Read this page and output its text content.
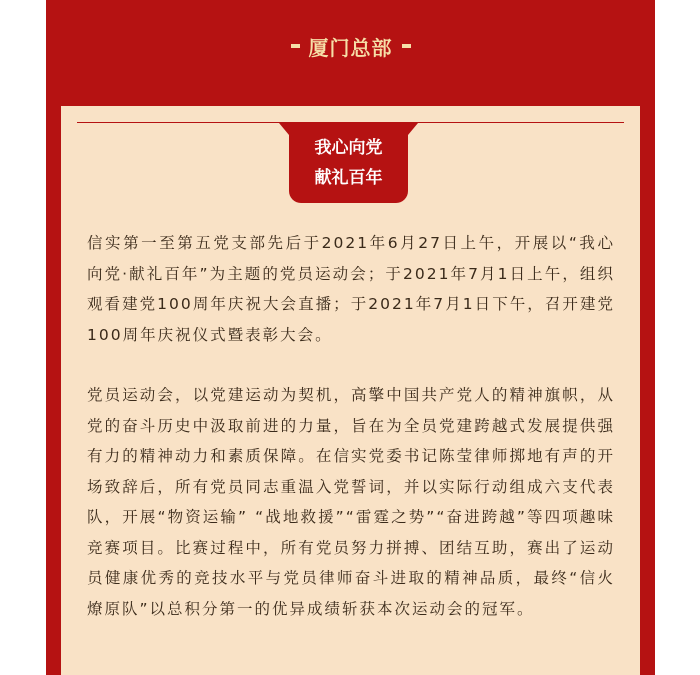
厦门总部
我心向党
献礼百年

信实第一至第五党支部先后于2021年6月27日上午，开展以“我心向党·献礼百年”为主题的党员运动会；于2021年7月1日上午，组织观看建党100周年庆祝大会直播；于2021年7月1日下午，召开建党100周年庆祝仪式暨表彰大会。

党员运动会，以党建运动为契机，高擎中国共产党人的精神旗帜，从党的奋斗历史中汲取前进的力量，旨在为全员党建跨越式发展提供强有力的精神动力和素质保障。在信实党委书记陈莹律师掷地有声的开场致辞后，所有党员同志重温入党誓词，并以实际行动组成六支代表队，开展“物资运输” “战地救援”“雷霆之势”“奋进跨越”等四项趣味竞赛项目。比赛过程中，所有党员努力拼搏、团结互助，赛出了运动员健康优秀的竞技水平与党员律师奋斗进取的精神品质，最终“信火燎原队”以总积分第一的优异成绩斩获本次运动会的冠军。
